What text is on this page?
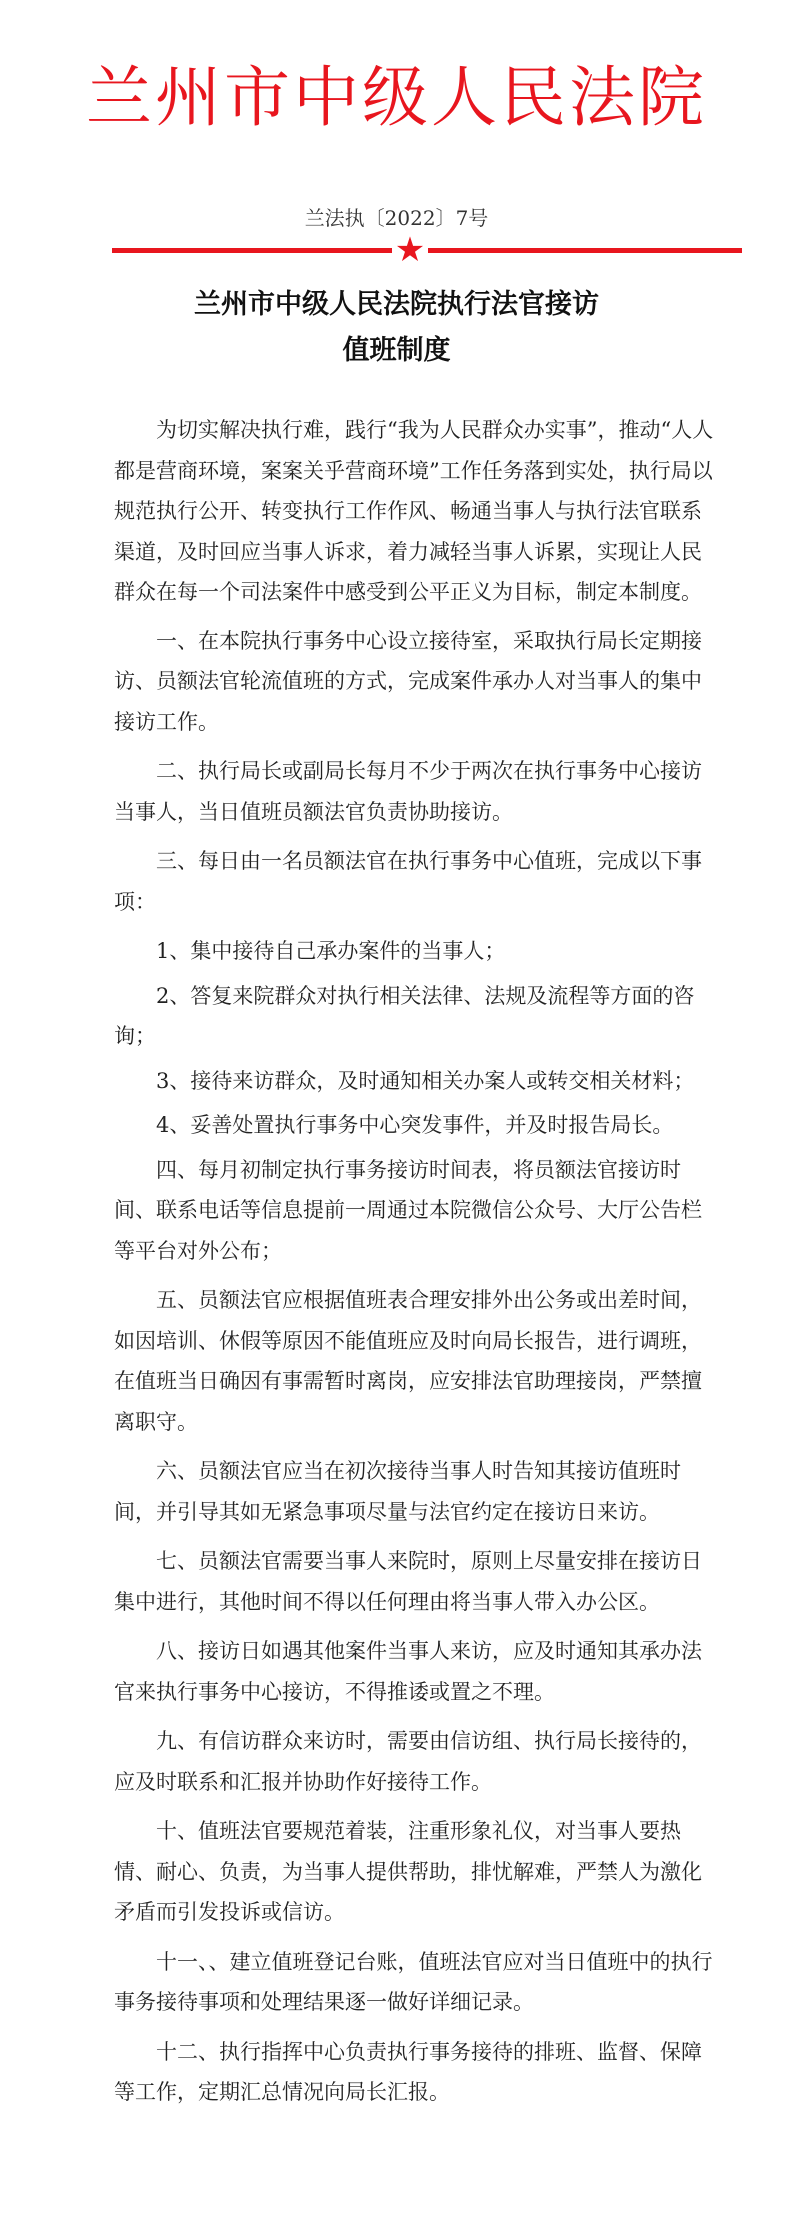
兰州市中级人民法院
兰法执〔2022〕7号
★
兰州市中级人民法院执行法官接访
值班制度

为切实解决执行难，践行“我为人民群众办实事”，推动“人人都是营商环境，案案关乎营商环境”工作任务落到实处，执行局以规范执行公开、转变执行工作作风、畅通当事人与执行法官联系渠道，及时回应当事人诉求，着力减轻当事人诉累，实现让人民群众在每一个司法案件中感受到公平正义为目标，制定本制度。

一、在本院执行事务中心设立接待室，采取执行局长定期接访、员额法官轮流值班的方式，完成案件承办人对当事人的集中接访工作。

二、执行局长或副局长每月不少于两次在执行事务中心接访当事人，当日值班员额法官负责协助接访。

三、每日由一名员额法官在执行事务中心值班，完成以下事项：

1、集中接待自己承办案件的当事人；

2、答复来院群众对执行相关法律、法规及流程等方面的咨询；

3、接待来访群众，及时通知相关办案人或转交相关材料；

4、妥善处置执行事务中心突发事件，并及时报告局长。

四、每月初制定执行事务接访时间表，将员额法官接访时间、联系电话等信息提前一周通过本院微信公众号、大厅公告栏等平台对外公布；

五、员额法官应根据值班表合理安排外出公务或出差时间，如因培训、休假等原因不能值班应及时向局长报告，进行调班，在值班当日确因有事需暂时离岗，应安排法官助理接岗，严禁擅离职守。

六、员额法官应当在初次接待当事人时告知其接访值班时间，并引导其如无紧急事项尽量与法官约定在接访日来访。

七、员额法官需要当事人来院时，原则上尽量安排在接访日集中进行，其他时间不得以任何理由将当事人带入办公区。

八、接访日如遇其他案件当事人来访，应及时通知其承办法官来执行事务中心接访，不得推诿或置之不理。

九、有信访群众来访时，需要由信访组、执行局长接待的，应及时联系和汇报并协助作好接待工作。

十、值班法官要规范着装，注重形象礼仪，对当事人要热情、耐心、负责，为当事人提供帮助，排忧解难，严禁人为激化矛盾而引发投诉或信访。

十一、、建立值班登记台账，值班法官应对当日值班中的执行事务接待事项和处理结果逐一做好详细记录。

十二、执行指挥中心负责执行事务接待的排班、监督、保障等工作，定期汇总情况向局长汇报。
